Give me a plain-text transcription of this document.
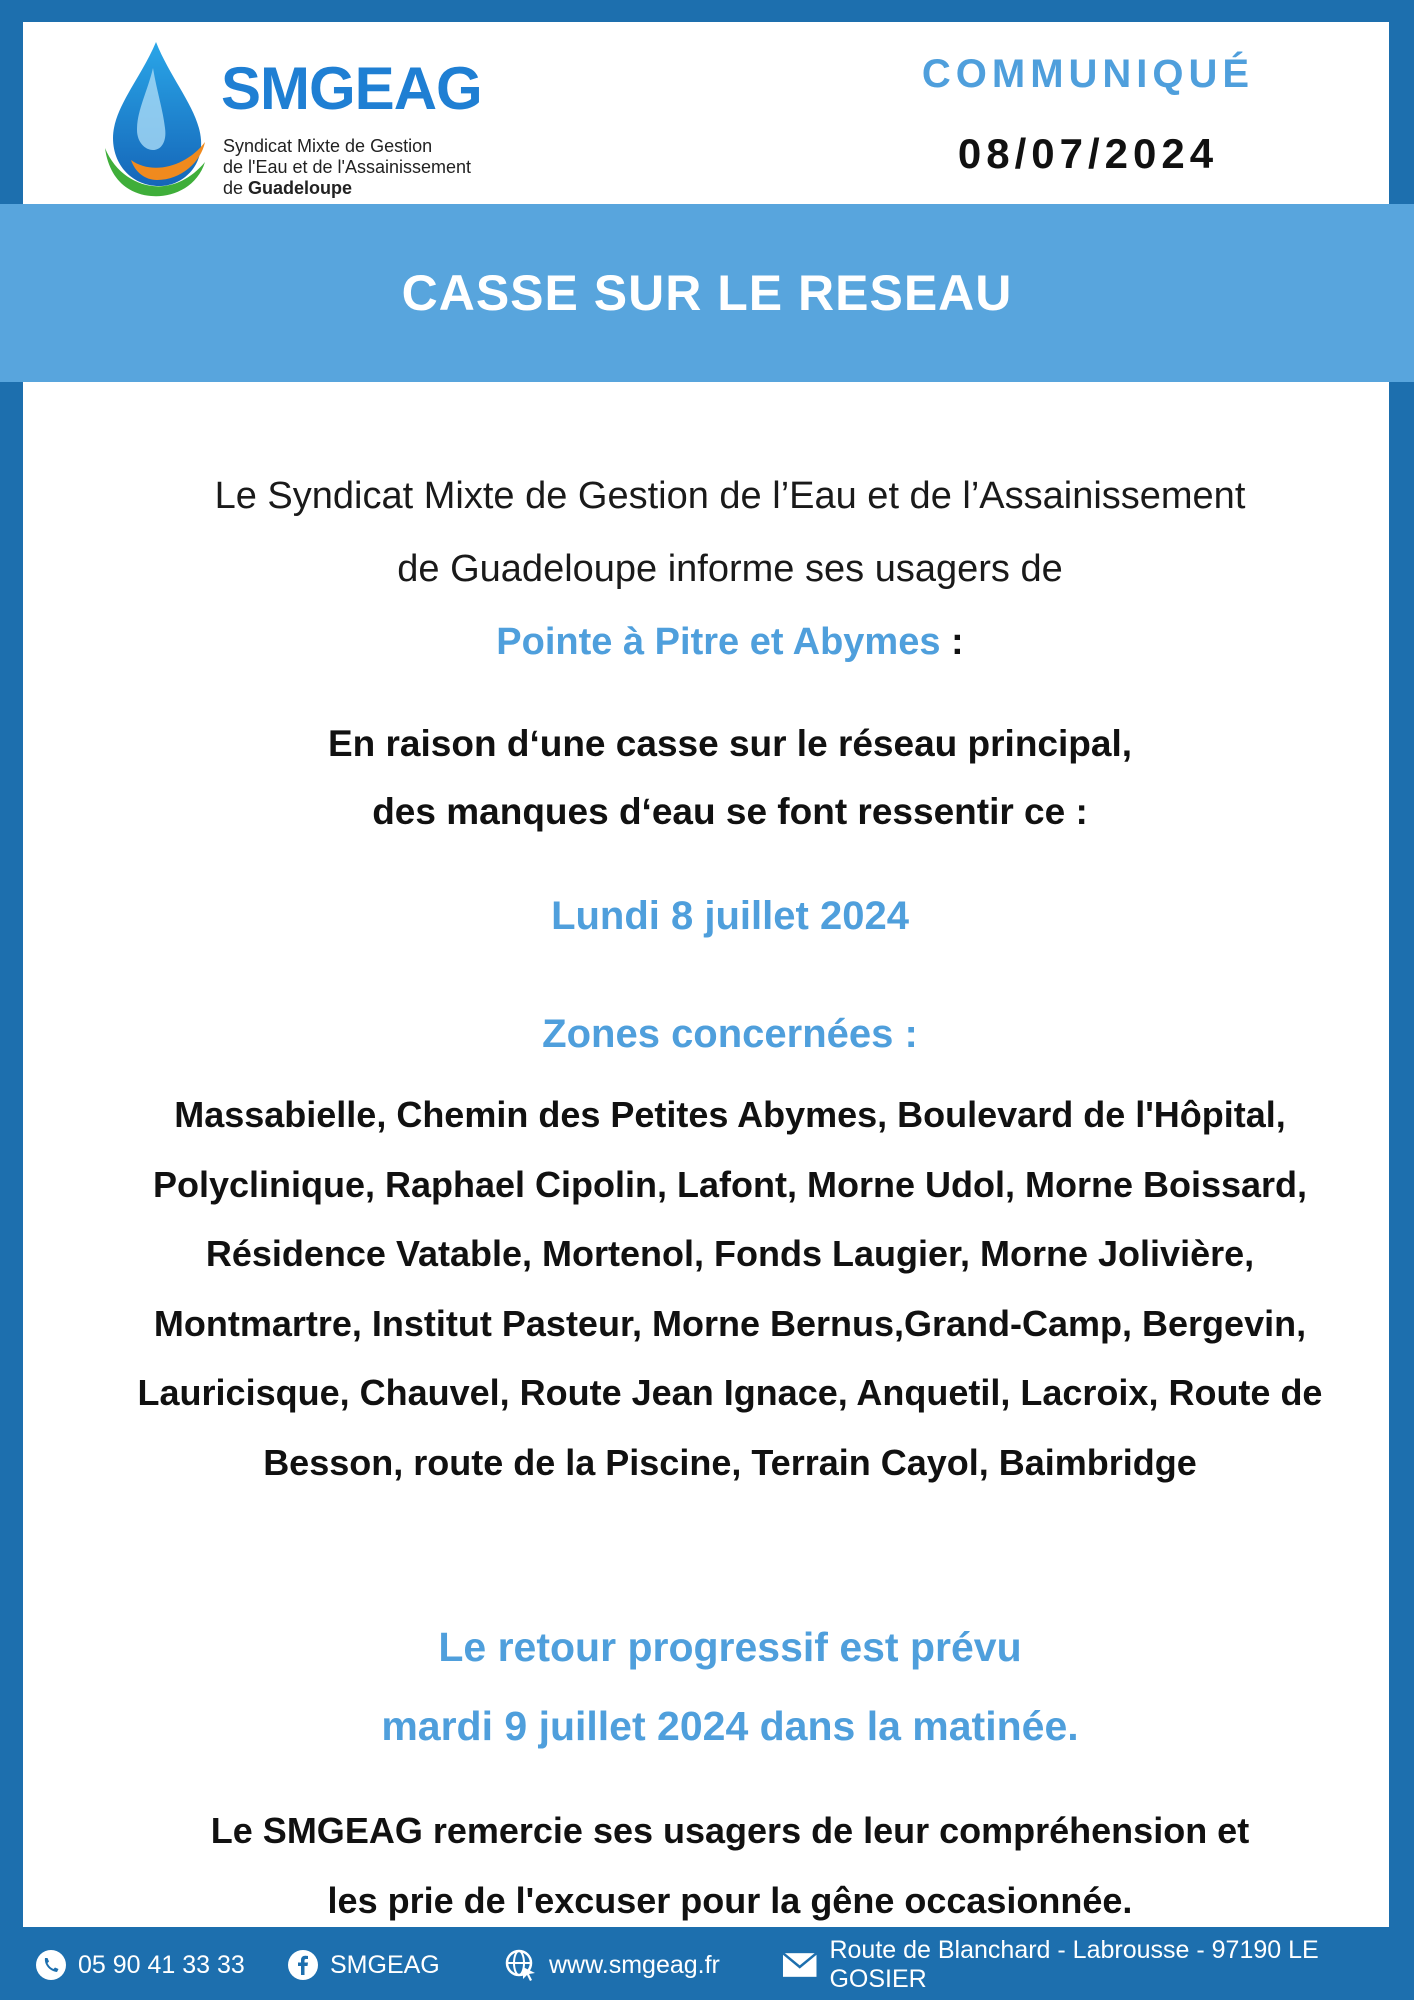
SMGEAG
Syndicat Mixte de Gestion
de l'Eau et de l'Assainissement
de Guadeloupe
COMMUNIQUÉ
08/07/2024
Le Syndicat Mixte de Gestion de l’Eau et de l’Assainissement
de Guadeloupe informe ses usagers de
Pointe à Pitre et Abymes :
En raison d‘une casse sur le réseau principal,
des manques d‘eau se font ressentir ce :
Lundi 8 juillet 2024
Zones concernées :
Massabielle, Chemin des Petites Abymes, Boulevard de l'Hôpital, Polyclinique, Raphael Cipolin, Lafont, Morne Udol, Morne Boissard, Résidence Vatable, Mortenol, Fonds Laugier, Morne Jolivière, Montmartre, Institut Pasteur, Morne Bernus,Grand-Camp, Bergevin, Lauricisque, Chauvel, Route Jean Ignace, Anquetil, Lacroix, Route de Besson, route de la Piscine, Terrain Cayol, Baimbridge
Le retour progressif est prévu
mardi 9 juillet 2024 dans la matinée.
Le SMGEAG remercie ses usagers de leur compréhension et
les prie de l'excuser pour la gêne occasionnée.
CASSE SUR LE RESEAU
05 90 41 33 33	SMGEAG	www.smgeag.fr
Route de Blanchard - Labrousse - 97190 LE GOSIER
